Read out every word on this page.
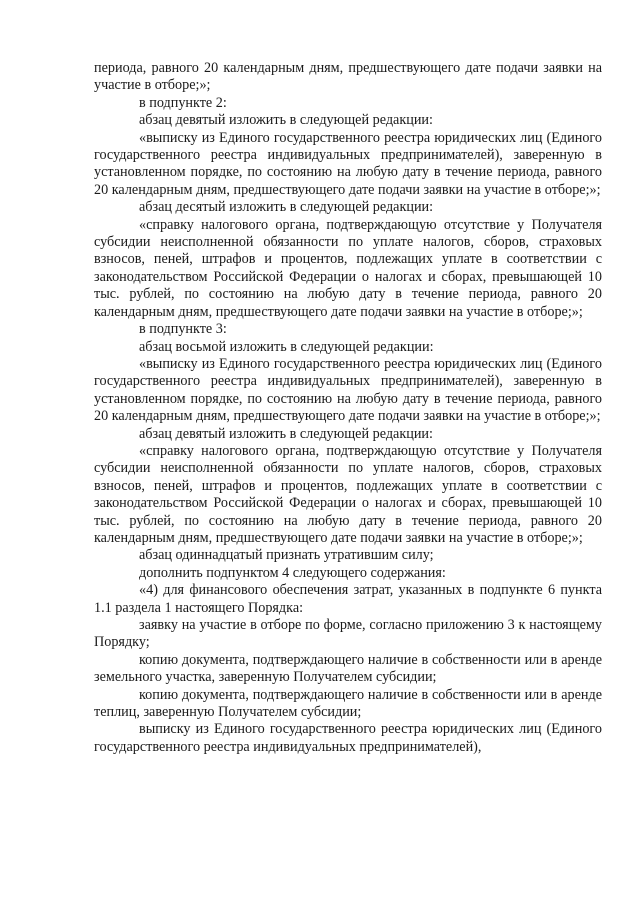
периода, равного 20 календарным дням, предшествующего дате подачи заявки на участие в отборе;»;

в подпункте 2:

абзац девятый изложить в следующей редакции:

«выписку из Единого государственного реестра юридических лиц (Единого государственного реестра индивидуальных предпринимателей), заверенную в установленном порядке, по состоянию на любую дату в течение периода, равного 20 календарным дням, предшествующего дате подачи заявки на участие в отборе;»;

абзац десятый изложить в следующей редакции:

«справку налогового органа, подтверждающую отсутствие у Получателя субсидии неисполненной обязанности по уплате налогов, сборов, страховых взносов, пеней, штрафов и процентов, подлежащих уплате в соответствии с законодательством Российской Федерации о налогах и сборах, превышающей 10 тыс. рублей, по состоянию на любую дату в течение периода, равного 20 календарным дням, предшествующего дате подачи заявки на участие в отборе;»;

в подпункте 3:

абзац восьмой изложить в следующей редакции:

«выписку из Единого государственного реестра юридических лиц (Единого государственного реестра индивидуальных предпринимателей), заверенную в установленном порядке, по состоянию на любую дату в течение периода, равного 20 календарным дням, предшествующего дате подачи заявки на участие в отборе;»;

абзац девятый изложить в следующей редакции:

«справку налогового органа, подтверждающую отсутствие у Получателя субсидии неисполненной обязанности по уплате налогов, сборов, страховых взносов, пеней, штрафов и процентов, подлежащих уплате в соответствии с законодательством Российской Федерации о налогах и сборах, превышающей 10 тыс. рублей, по состоянию на любую дату в течение периода, равного 20 календарным дням, предшествующего дате подачи заявки на участие в отборе;»;

абзац одиннадцатый признать утратившим силу;

дополнить подпунктом 4 следующего содержания:

«4) для финансового обеспечения затрат, указанных в подпункте 6 пункта 1.1 раздела 1 настоящего Порядка:

заявку на участие в отборе по форме, согласно приложению 3 к настоящему Порядку;

копию документа, подтверждающего наличие в собственности или в аренде земельного участка, заверенную Получателем субсидии;

копию документа, подтверждающего наличие в собственности или в аренде теплиц, заверенную Получателем субсидии;

выписку из Единого государственного реестра юридических лиц (Единого государственного реестра индивидуальных предпринимателей),
